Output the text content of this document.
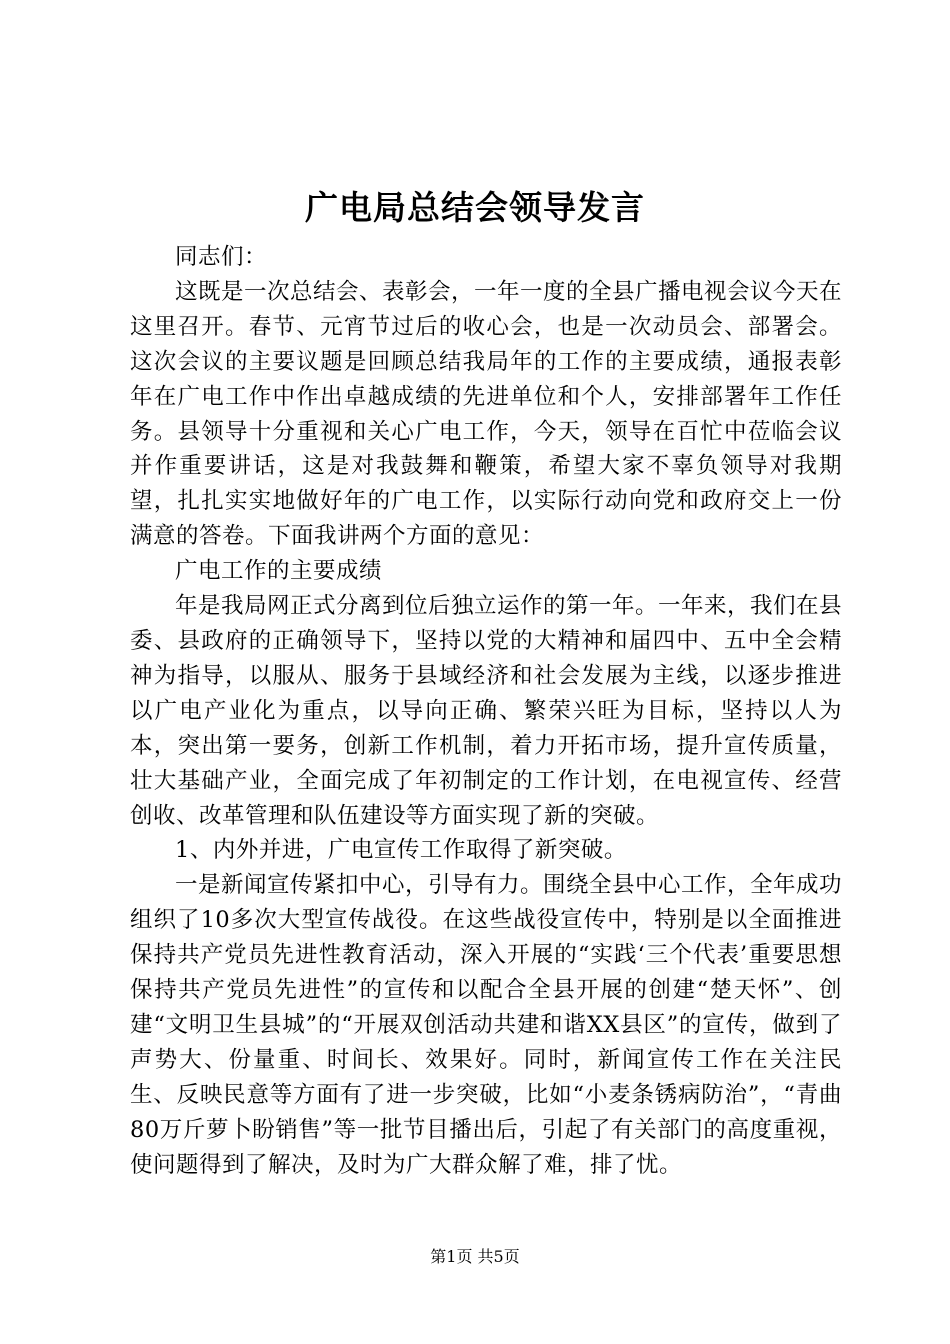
广电局总结会领导发言

同志们：

这既是一次总结会、表彰会，一年一度的全县广播电视会议今天在这里召开。春节、元宵节过后的收心会，也是一次动员会、部署会。这次会议的主要议题是回顾总结我局年的工作的主要成绩，通报表彰年在广电工作中作出卓越成绩的先进单位和个人，安排部署年工作任务。县领导十分重视和关心广电工作，今天，领导在百忙中莅临会议并作重要讲话，这是对我鼓舞和鞭策，希望大家不辜负领导对我期望，扎扎实实地做好年的广电工作，以实际行动向党和政府交上一份满意的答卷。下面我讲两个方面的意见：

广电工作的主要成绩

年是我局网正式分离到位后独立运作的第一年。一年来，我们在县委、县政府的正确领导下，坚持以党的大精神和届四中、五中全会精神为指导，以服从、服务于县域经济和社会发展为主线，以逐步推进以广电产业化为重点，以导向正确、繁荣兴旺为目标，坚持以人为本，突出第一要务，创新工作机制，着力开拓市场，提升宣传质量，壮大基础产业，全面完成了年初制定的工作计划，在电视宣传、经营创收、改革管理和队伍建设等方面实现了新的突破。

1、内外并进，广电宣传工作取得了新突破。

一是新闻宣传紧扣中心，引导有力。围绕全县中心工作，全年成功组织了10多次大型宣传战役。在这些战役宣传中，特别是以全面推进保持共产党员先进性教育活动，深入开展的“实践‘三个代表’重要思想保持共产党员先进性”的宣传和以配合全县开展的创建“楚天怀”、创建“文明卫生县城”的“开展双创活动共建和谐XX县区”的宣传，做到了声势大、份量重、时间长、效果好。同时，新闻宣传工作在关注民生、反映民意等方面有了进一步突破，比如“小麦条锈病防治”，“青曲80万斤萝卜盼销售”等一批节目播出后，引起了有关部门的高度重视，使问题得到了解决，及时为广大群众解了难，排了忧。

第1页 共5页
